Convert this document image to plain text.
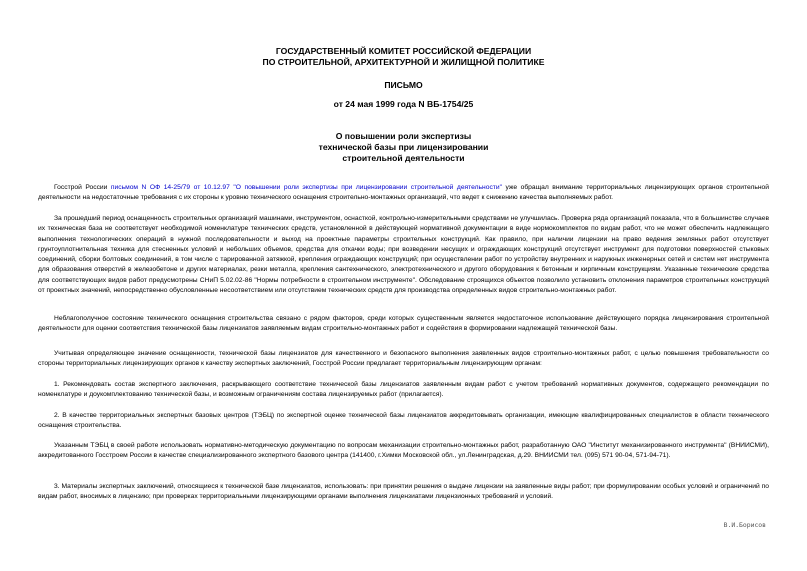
ГОСУДАРСТВЕННЫЙ КОМИТЕТ РОССИЙСКОЙ ФЕДЕРАЦИИ
ПО СТРОИТЕЛЬНОЙ, АРХИТЕКТУРНОЙ И ЖИЛИЩНОЙ ПОЛИТИКЕ
ПИСЬМО
от 24 мая 1999 года N ВБ-1754/25
О повышении роли экспертизы
технической базы при лицензировании
строительной деятельности

Госстрой России письмом N ОФ 14-25/79 от 10.12.97 "О повышении роли экспертизы при лицензировании строительной деятельности" уже обращал внимание территориальных лицензирующих органов строительной деятельности на недостаточные требования с их стороны к уровню технического оснащения строительно-монтажных организаций, что ведет к снижению качества выполняемых работ.

За прошедший период оснащенность строительных организаций машинами, инструментом, оснасткой, контрольно-измерительными средствами не улучшилась. Проверка ряда организаций показала, что в большинстве случаев их техническая база не соответствует необходимой номенклатуре технических средств, установленной в действующей нормативной документации в виде нормокомплектов по видам работ, что не может обеспечить надлежащего выполнения технологических операций в нужной последовательности и выход на проектные параметры строительных конструкций. Как правило, при наличии лицензии на право ведения земляных работ отсутствует грунтоуплотнительная техника для стесненных условий и небольших объемов, средства для откачки воды; при возведении несущих и ограждающих конструкций отсутствует инструмент для подготовки поверхностей стыковых соединений, сборки болтовых соединений, в том числе с тарированной затяжкой, крепления ограждающих конструкций; при осуществлении работ по устройству внутренних и наружных инженерных сетей и систем нет инструмента для образования отверстий в железобетоне и других материалах, резки металла, крепления сантехнического, электротехнического и другого оборудования к бетонным и кирпичным конструкциям. Указанные технические средства для соответствующих видов работ предусмотрены СНиП 5.02.02-86 "Нормы потребности в строительном инструменте". Обследование строящихся объектов позволило установить отклонения параметров строительных конструкций от проектных значений, непосредственно обусловленные несоответствием или отсутствием технических средств для производства определенных видов строительно-монтажных работ.

Неблагополучное состояние технического оснащения строительства связано с рядом факторов, среди которых существенным является недостаточное использование действующего порядка лицензирования строительной деятельности для оценки соответствия технической базы лицензиатов заявляемым видам строительно-монтажных работ и содействия в формировании надлежащей технической базы.

Учитывая определяющее значение оснащенности, технической базы лицензиатов для качественного и безопасного выполнения заявленных видов строительно-монтажных работ, с целью повышения требовательности со стороны территориальных лицензирующих органов к качеству экспертных заключений, Госстрой России предлагает территориальным лицензирующим органам:

1. Рекомендовать состав экспертного заключения, раскрывающего соответствие технической базы лицензиатов заявленным видам работ с учетом требований нормативных документов, содержащего рекомендации по номенклатуре и доукомплектованию технической базы, и возможным ограничениям состава лицензируемых работ (прилагается).

2. В качестве территориальных экспертных базовых центров (ТЭБЦ) по экспертной оценке технической базы лицензиатов аккредитовывать организации, имеющие квалифицированных специалистов в области технического оснащения строительства.

Указанным ТЭБЦ в своей работе использовать нормативно-методическую документацию по вопросам механизации строительно-монтажных работ, разработанную ОАО "Институт механизированного инструмента" (ВНИИСМИ), аккредитованного Госстроем России в качестве специализированного экспертного базового центра (141400, г.Химки Московской обл., ул.Ленинградская, д.29. ВНИИСМИ тел. (095) 571 90-04, 571-94-71).

3. Материалы экспертных заключений, относящиеся к технической базе лицензиатов, использовать: при принятии решения о выдаче лицензии на заявленные виды работ; при формулировании особых условий и ограничений по видам работ, вносимых в лицензию; при проверках территориальными лицензирующими органами выполнения лицензиатами лицензионных требований и условий.

В.И.Борисов
